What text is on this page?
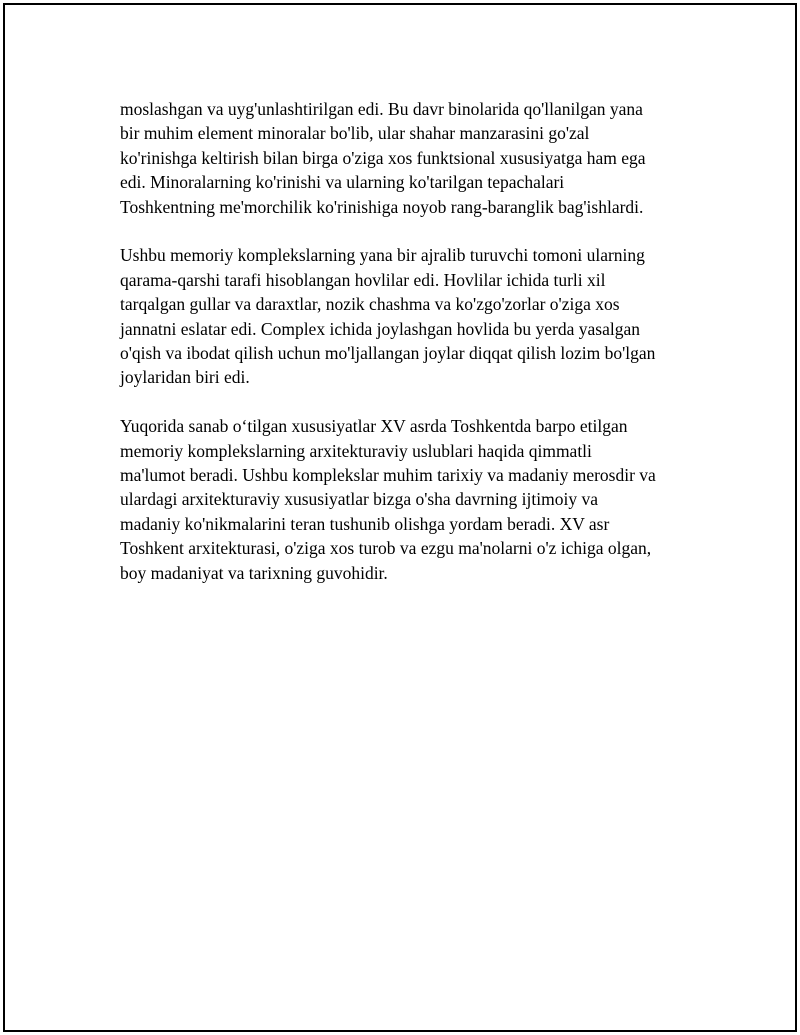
moslashgan va uyg'unlashtirilgan edi. Bu davr binolarida qo'llanilgan yana
bir muhim element minoralar bo'lib, ular shahar manzarasini go'zal
ko'rinishga keltirish bilan birga o'ziga xos funktsional xususiyatga ham ega
edi. Minoralarning ko'rinishi va ularning ko'tarilgan tepachalari
Toshkentning me'morchilik ko'rinishiga noyob rang-baranglik bag'ishlardi.

Ushbu memoriy komplekslarning yana bir ajralib turuvchi tomoni ularning
qarama-qarshi tarafi hisoblangan hovlilar edi. Hovlilar ichida turli xil
tarqalgan gullar va daraxtlar, nozik chashma va ko'zgo'zorlar o'ziga xos
jannatni eslatar edi. Complex ichida joylashgan hovlida bu yerda yasalgan
o'qish va ibodat qilish uchun mo'ljallangan joylar diqqat qilish lozim bo'lgan
joylaridan biri edi.

Yuqorida sanab o‘tilgan xususiyatlar XV asrda Toshkentda barpo etilgan
memoriy komplekslarning arxitekturaviy uslublari haqida qimmatli
ma'lumot beradi. Ushbu komplekslar muhim tarixiy va madaniy merosdir va
ulardagi arxitekturaviy xususiyatlar bizga o'sha davrning ijtimoiy va
madaniy ko'nikmalarini teran tushunib olishga yordam beradi. XV asr
Toshkent arxitekturasi, o'ziga xos turob va ezgu ma'nolarni o'z ichiga olgan,
boy madaniyat va tarixning guvohidir.
